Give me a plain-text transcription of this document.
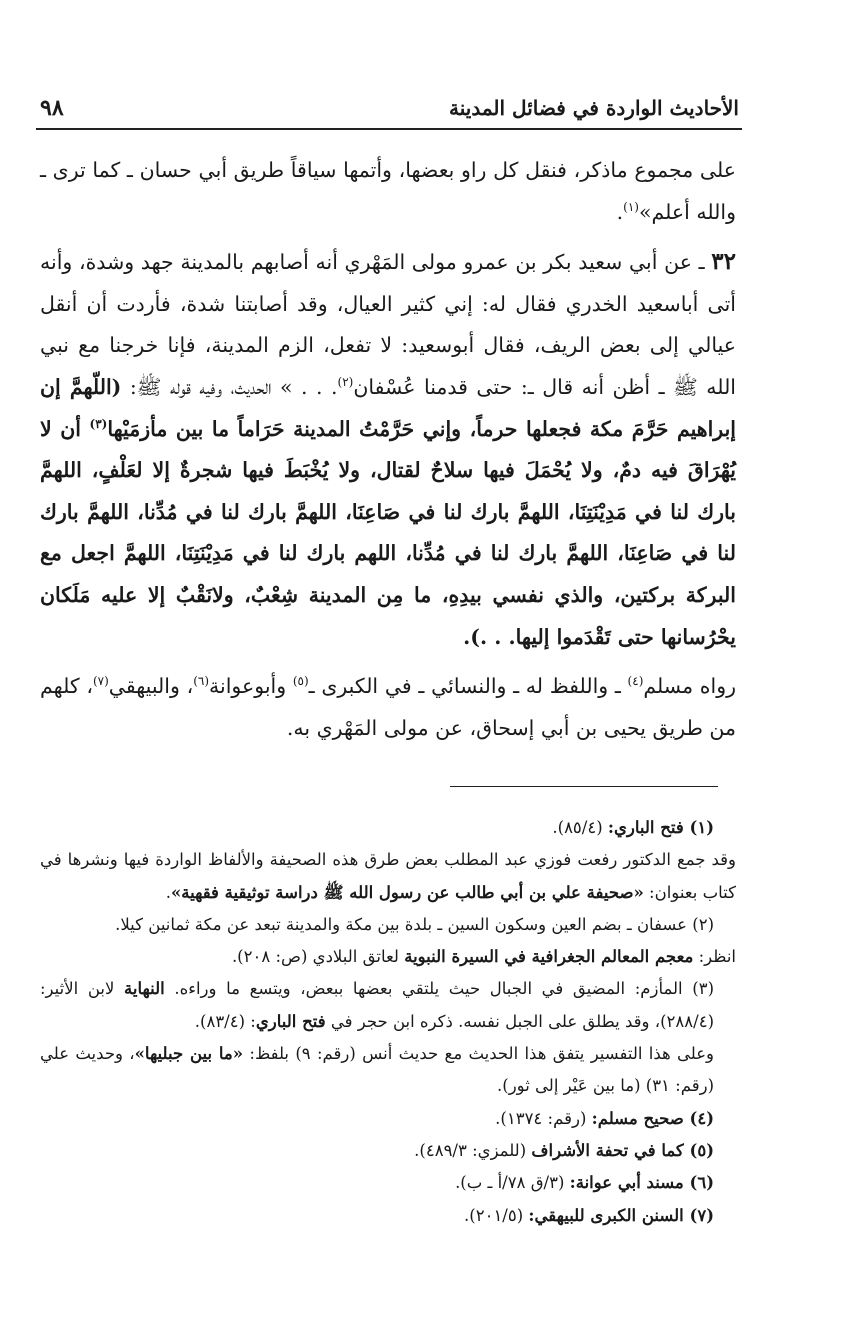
٩٨	الأحاديث الواردة في فضائل المدينة

على مجموع ماذكر، فنقل كل راو بعضها، وأتمها سياقاً طريق أبي حسان ـ كما ترى ـ والله أعلم»$^{(١)}$.

٣٢ ـ عن أبي سعيد بكر بن عمرو مولى المَهْري أنه أصابهم بالمدينة جهد وشدة، وأنه أتى أباسعيد الخدري فقال له: إني كثير العيال، وقد أصابتنا شدة، فأردت أن أنقل عيالي إلى بعض الريف، فقال أبوسعيد: لا تفعل، الزم المدينة، فإنا خرجنا مع نبي الله ﷺ ـ أظن أنه قال ـ: حتى قدمنا عُسْفان$^{(٢)}$. . . » الحديث، وفيه قوله ﷺ: (اللّهمَّ إن إبراهيم حَرَّمَ مكة فجعلها حرماً، وإني حَرَّمْتُ المدينة حَرَاماً ما بين مأزمَيْها$^{(٣)}$ أن لا يُهْرَاقَ فيه دمٌ، ولا يُحْمَلَ فيها سلاحٌ لقتال، ولا يُخْبَطَ فيها شجرةٌ إلا لعَلْفٍ، اللهمَّ بارك لنا في مَدِيْنَتِنَا، اللهمَّ بارك لنا في صَاعِنَا، اللهمَّ بارك لنا في مُدِّنا، اللهمَّ بارك لنا في صَاعِنَا، اللهمَّ بارك لنا في مُدِّنا، اللهم بارك لنا في مَدِيْنَتِنَا، اللهمَّ اجعل مع البركة بركتين، والذي نفسي بيدِهِ، ما مِن المدينة شِعْبٌ، ولانَقْبٌ إلا عليه مَلَكان يحْرُسانها حتى تَقْدَموا إليها. . .).

رواه مسلم$^{(٤)}$ ـ واللفظ له ـ والنسائي ـ في الكبرى ـ$^{(٥)}$ وأبوعوانة$^{(٦)}$، والبيهقي$^{(٧)}$، كلهم من طريق يحيى بن أبي إسحاق، عن مولى المَهْري به.

(١) فتح الباري: (٨٥/٤).

وقد جمع الدكتور رفعت فوزي عبد المطلب بعض طرق هذه الصحيفة والألفاظ الواردة فيها ونشرها في كتاب بعنوان: «صحيفة علي بن أبي طالب عن رسول الله ﷺ دراسة توثيقية فقهية».

(٢) عسفان ـ بضم العين وسكون السين ـ بلدة بين مكة والمدينة تبعد عن مكة ثمانين كيلا.

انظر: معجم المعالم الجغرافية في السيرة النبوية لعاتق البلادي (ص: ٢٠٨).

(٣) المأزم: المضيق في الجبال حيث يلتقي بعضها ببعض، ويتسع ما وراءه. النهاية لابن الأثير: (٢٨٨/٤)، وقد يطلق على الجبل نفسه. ذكره ابن حجر في فتح الباري: (٨٣/٤).

وعلى هذا التفسير يتفق هذا الحديث مع حديث أنس (رقم: ٩) بلفظ: «ما بين جبليها»، وحديث علي (رقم: ٣١) (ما بين عَيْر إلى ثور).

(٤) صحيح مسلم: (رقم: ١٣٧٤).

(٥) كما في تحفة الأشراف (للمزي: ٤٨٩/٣).

(٦) مسند أبي عوانة: (٣/ق ٧٨/أ ـ ب).

(٧) السنن الكبرى للبيهقي: (٢٠١/٥).
